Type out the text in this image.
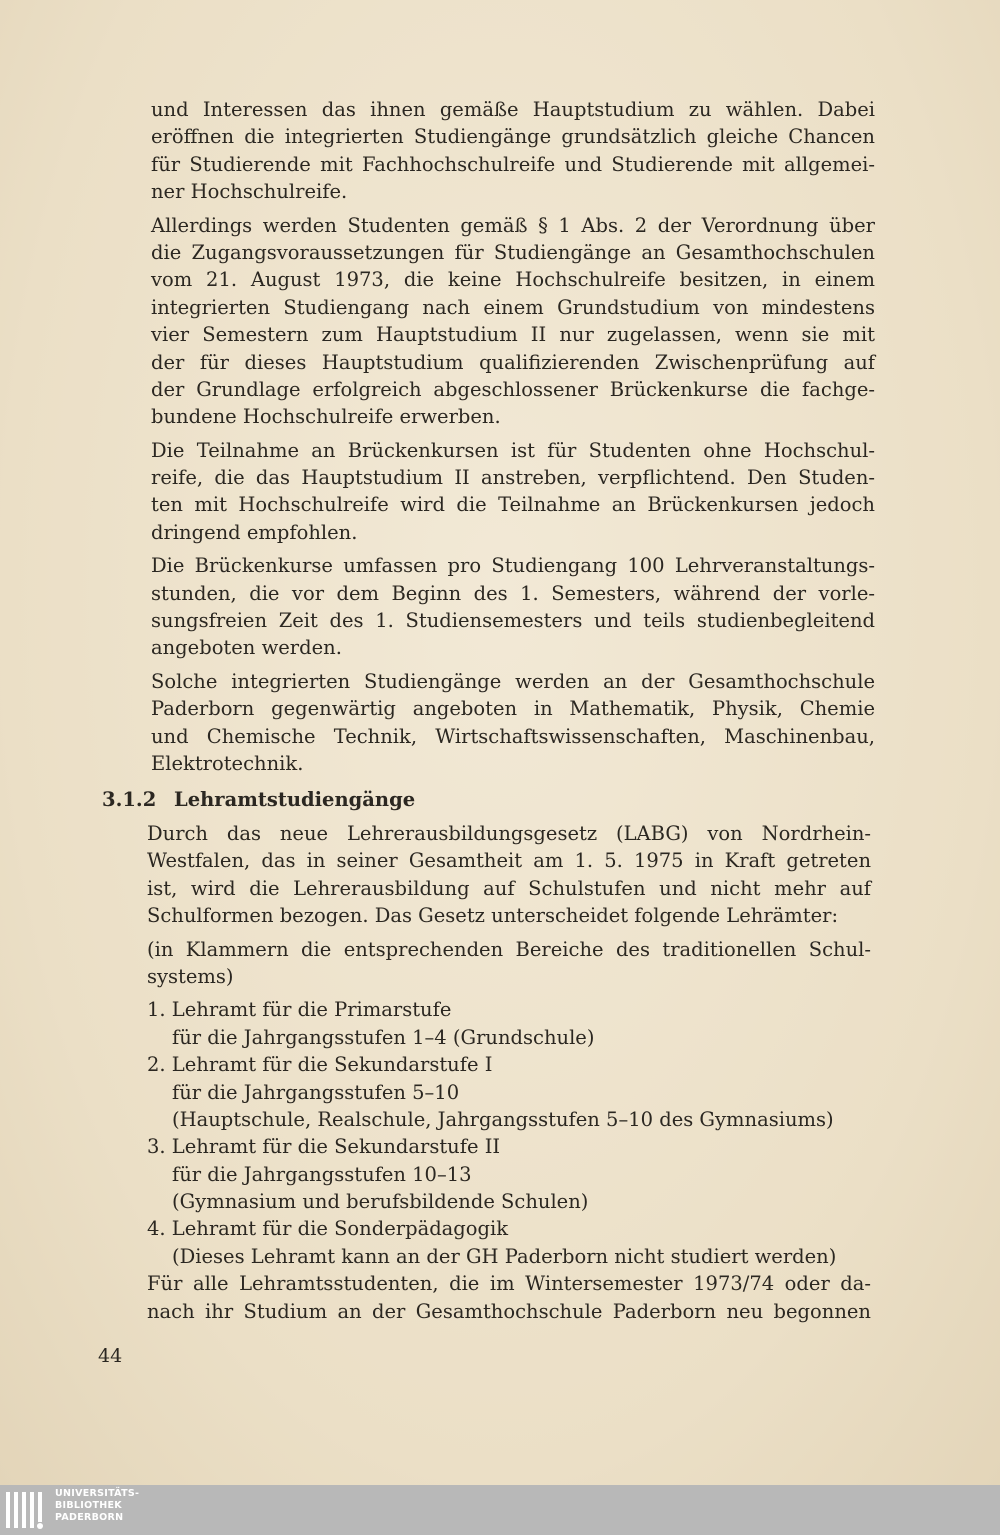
und Interessen das ihnen gemäße Hauptstudium zu wählen. Dabei
eröffnen die integrierten Studiengänge grundsätzlich gleiche Chancen
für Studierende mit Fachhochschulreife und Studierende mit allgemei-
ner Hochschulreife.
Allerdings werden Studenten gemäß § 1 Abs. 2 der Verordnung über
die Zugangsvoraussetzungen für Studiengänge an Gesamthochschulen
vom 21. August 1973, die keine Hochschulreife besitzen, in einem
integrierten Studiengang nach einem Grundstudium von mindestens
vier Semestern zum Hauptstudium II nur zugelassen, wenn sie mit
der für dieses Hauptstudium qualifizierenden Zwischenprüfung auf
der Grundlage erfolgreich abgeschlossener Brückenkurse die fachge-
bundene Hochschulreife erwerben.
Die Teilnahme an Brückenkursen ist für Studenten ohne Hochschul-
reife, die das Hauptstudium II anstreben, verpflichtend. Den Studen-
ten mit Hochschulreife wird die Teilnahme an Brückenkursen jedoch
dringend empfohlen.
Die Brückenkurse umfassen pro Studiengang 100 Lehrveranstaltungs-
stunden, die vor dem Beginn des 1. Semesters, während der vorle-
sungsfreien Zeit des 1. Studiensemesters und teils studienbegleitend
angeboten werden.
Solche integrierten Studiengänge werden an der Gesamthochschule
Paderborn gegenwärtig angeboten in Mathematik, Physik, Chemie
und Chemische Technik, Wirtschaftswissenschaften, Maschinenbau,
Elektrotechnik.
3.1.2 Lehramtstudiengänge
Durch das neue Lehrerausbildungsgesetz (LABG) von Nordrhein-
Westfalen, das in seiner Gesamtheit am 1. 5. 1975 in Kraft getreten
ist, wird die Lehrerausbildung auf Schulstufen und nicht mehr auf
Schulformen bezogen. Das Gesetz unterscheidet folgende Lehrämter:
(in Klammern die entsprechenden Bereiche des traditionellen Schul-
systems)
1. Lehramt für die Primarstufe
für die Jahrgangsstufen 1–4 (Grundschule)
2. Lehramt für die Sekundarstufe I
für die Jahrgangsstufen 5–10
(Hauptschule, Realschule, Jahrgangsstufen 5–10 des Gymnasiums)
3. Lehramt für die Sekundarstufe II
für die Jahrgangsstufen 10–13
(Gymnasium und berufsbildende Schulen)
4. Lehramt für die Sonderpädagogik
(Dieses Lehramt kann an der GH Paderborn nicht studiert werden)
Für alle Lehramtsstudenten, die im Wintersemester 1973/74 oder da-
nach ihr Studium an der Gesamthochschule Paderborn neu begonnen
44
UNIVERSITÄTS-
BIBLIOTHEK
PADERBORN
